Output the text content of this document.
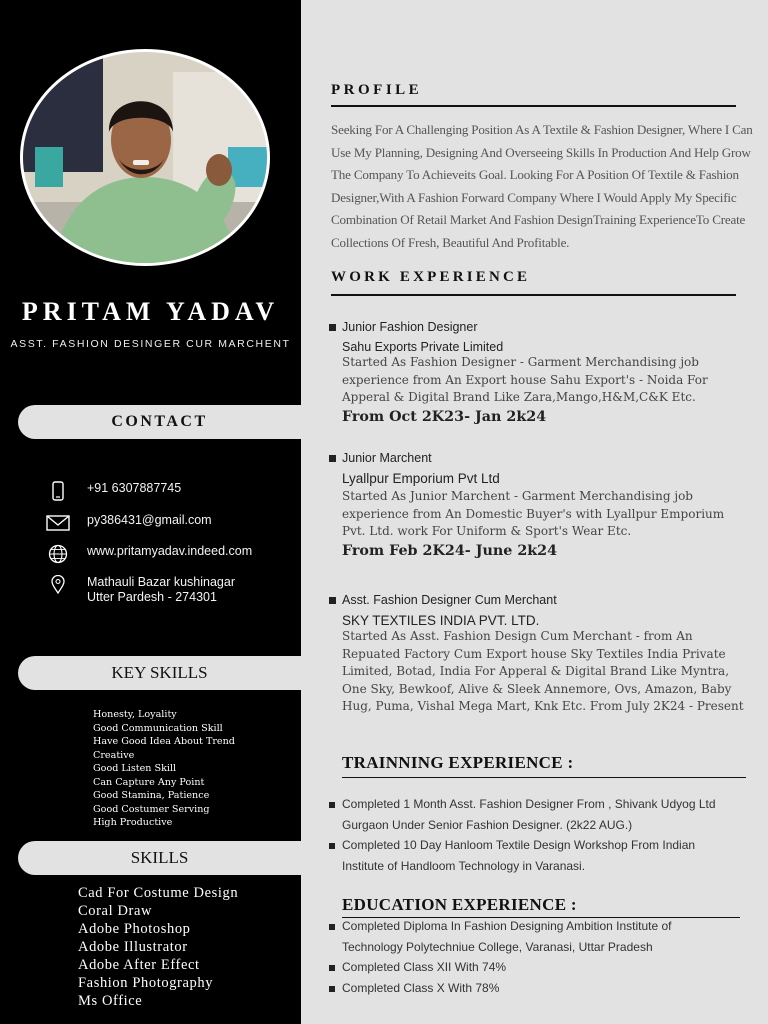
PRITAM YADAV
ASST. FASHION DESINGER CUR MARCHENT
CONTACT
+91 6307887745
py386431@gmail.com
www.pritamyadav.indeed.com
Mathauli Bazar kushinagar
Utter Pardesh - 274301
KEY SKILLS
Honesty, Loyality
Good Communication Skill
Have Good Idea About Trend
Creative
Good Listen Skill
Can Capture Any Point
Good Stamina, Patience
Good Costumer Serving
High Productive
SKILLS
Cad For Costume Design
Coral Draw
Adobe Photoshop
Adobe Illustrator
Adobe After Effect
Fashion Photography
Ms Office
PROFILE

Seeking For A Challenging Position As A Textile & Fashion Designer, Where I Can Use My Planning, Designing And Overseeing Skills In Production And Help Grow The Company To Achieveits Goal. Looking For A Position Of Textile & Fashion Designer,With A Fashion Forward Company Where I Would Apply My Specific Combination Of Retail Market And Fashion DesignTraining ExperienceTo Create Collections Of Fresh, Beautiful And Profitable.

WORK EXPERIENCE
Junior Fashion Designer
Sahu Exports Private Limited
Started As Fashion Designer - Garment Merchandising job experience from An Export house Sahu Export's - Noida For Apperal & Digital Brand Like Zara,Mango,H&M,C&K Etc.
From Oct 2K23- Jan 2k24
Junior Marchent
Lyallpur Emporium Pvt Ltd
Started As Junior Marchent - Garment Merchandising job experience from An Domestic Buyer's with Lyallpur Emporium Pvt. Ltd. work For Uniform & Sport's Wear Etc.
From Feb 2K24- June 2k24
Asst. Fashion Designer Cum Merchant
SKY TEXTILES INDIA PVT. LTD.
Started As Asst. Fashion Design Cum Merchant - from An Repuated Factory Cum Export house Sky Textiles India Private Limited, Botad, India For Apperal & Digital Brand Like Myntra, One Sky, Bewkoof, Alive & Sleek Annemore, Ovs, Amazon, Baby Hug, Puma, Vishal Mega Mart, Knk Etc. From July 2K24 - Present
TRAINNING EXPERIENCE :
Completed 1 Month Asst. Fashion Designer From , Shivank Udyog Ltd Gurgaon Under Senior Fashion Designer. (2k22 AUG.)
Completed 10 Day Hanloom Textile Design Workshop From Indian Institute of Handloom Technology in Varanasi.
EDUCATION EXPERIENCE :
Completed Diploma In Fashion Designing Ambition Institute of Technology Polytechniue College, Varanasi, Uttar Pradesh
Completed Class XII With 74%
Completed Class X With 78%
